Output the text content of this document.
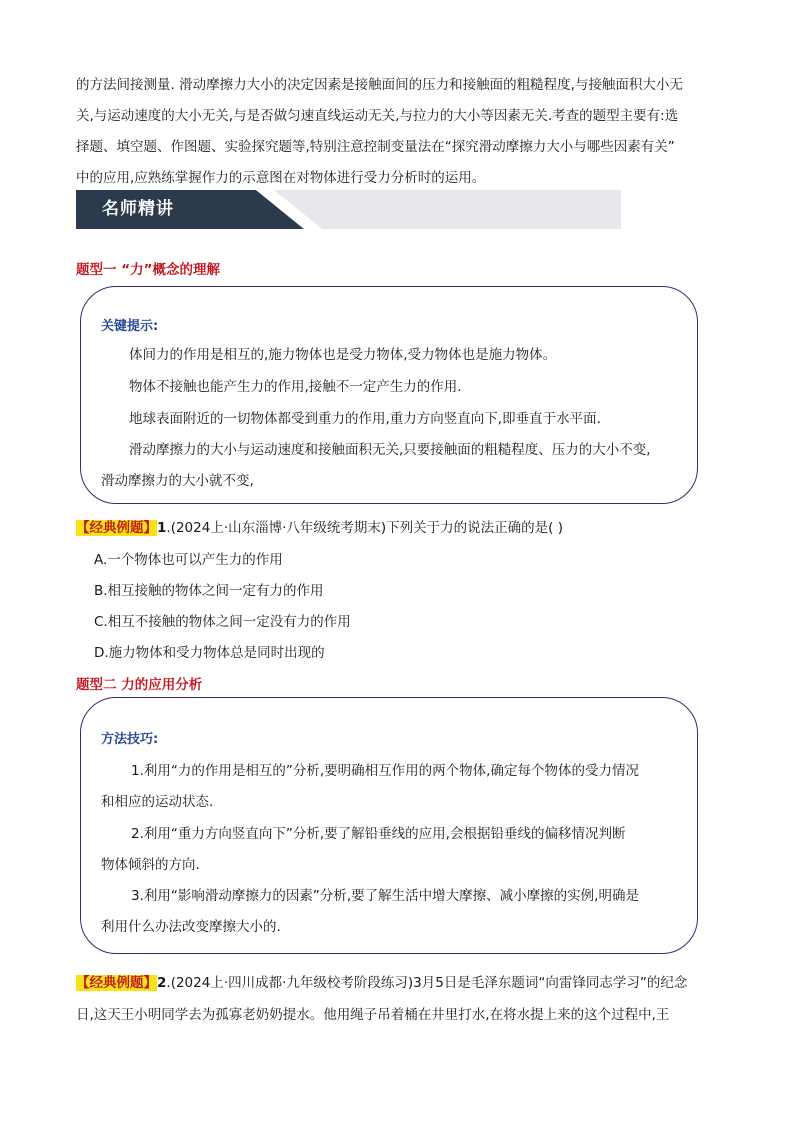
的方法间接测量. 滑动摩擦力大小的决定因素是接触面间的压力和接触面的粗糙程度,与接触面积大小无

关,与运动速度的大小无关,与是否做匀速直线运动无关,与拉力的大小等因素无关.考查的题型主要有:选

择题、填空题、作图题、实验探究题等,特别注意控制变量法在“探究滑动摩擦力大小与哪些因素有关”

中的应用,应熟练掌握作力的示意图在对物体进行受力分析时的运用。

名师精讲

题型一 “力”概念的理解

关键提示:
体间力的作用是相互的,施力物体也是受力物体,受力物体也是施力物体。
物体不接触也能产生力的作用,接触不一定产生力的作用.
地球表面附近的一切物体都受到重力的作用,重力方向竖直向下,即垂直于水平面.
滑动摩擦力的大小与运动速度和接触面积无关,只要接触面的粗糙程度、压力的大小不变,
滑动摩擦力的大小就不变,
【经典例题】1.(2024上·山东淄博·八年级统考期末)下列关于力的说法正确的是( )
A.一个物体也可以产生力的作用
B.相互接触的物体之间一定有力的作用
C.相互不接触的物体之间一定没有力的作用
D.施力物体和受力物体总是同时出现的

题型二 力的应用分析

方法技巧:
1.利用“力的作用是相互的”分析,要明确相互作用的两个物体,确定每个物体的受力情况
和相应的运动状态.
2.利用“重力方向竖直向下”分析,要了解铅垂线的应用,会根据铅垂线的偏移情况判断
物体倾斜的方向.
3.利用“影响滑动摩擦力的因素”分析,要了解生活中增大摩擦、减小摩擦的实例,明确是
利用什么办法改变摩擦大小的.
【经典例题】2.(2024上·四川成都·九年级校考阶段练习)3月5日是毛泽东题词“向雷锋同志学习”的纪念
日,这天王小明同学去为孤寡老奶奶提水。他用绳子吊着桶在井里打水,在将水提上来的这个过程中,王
